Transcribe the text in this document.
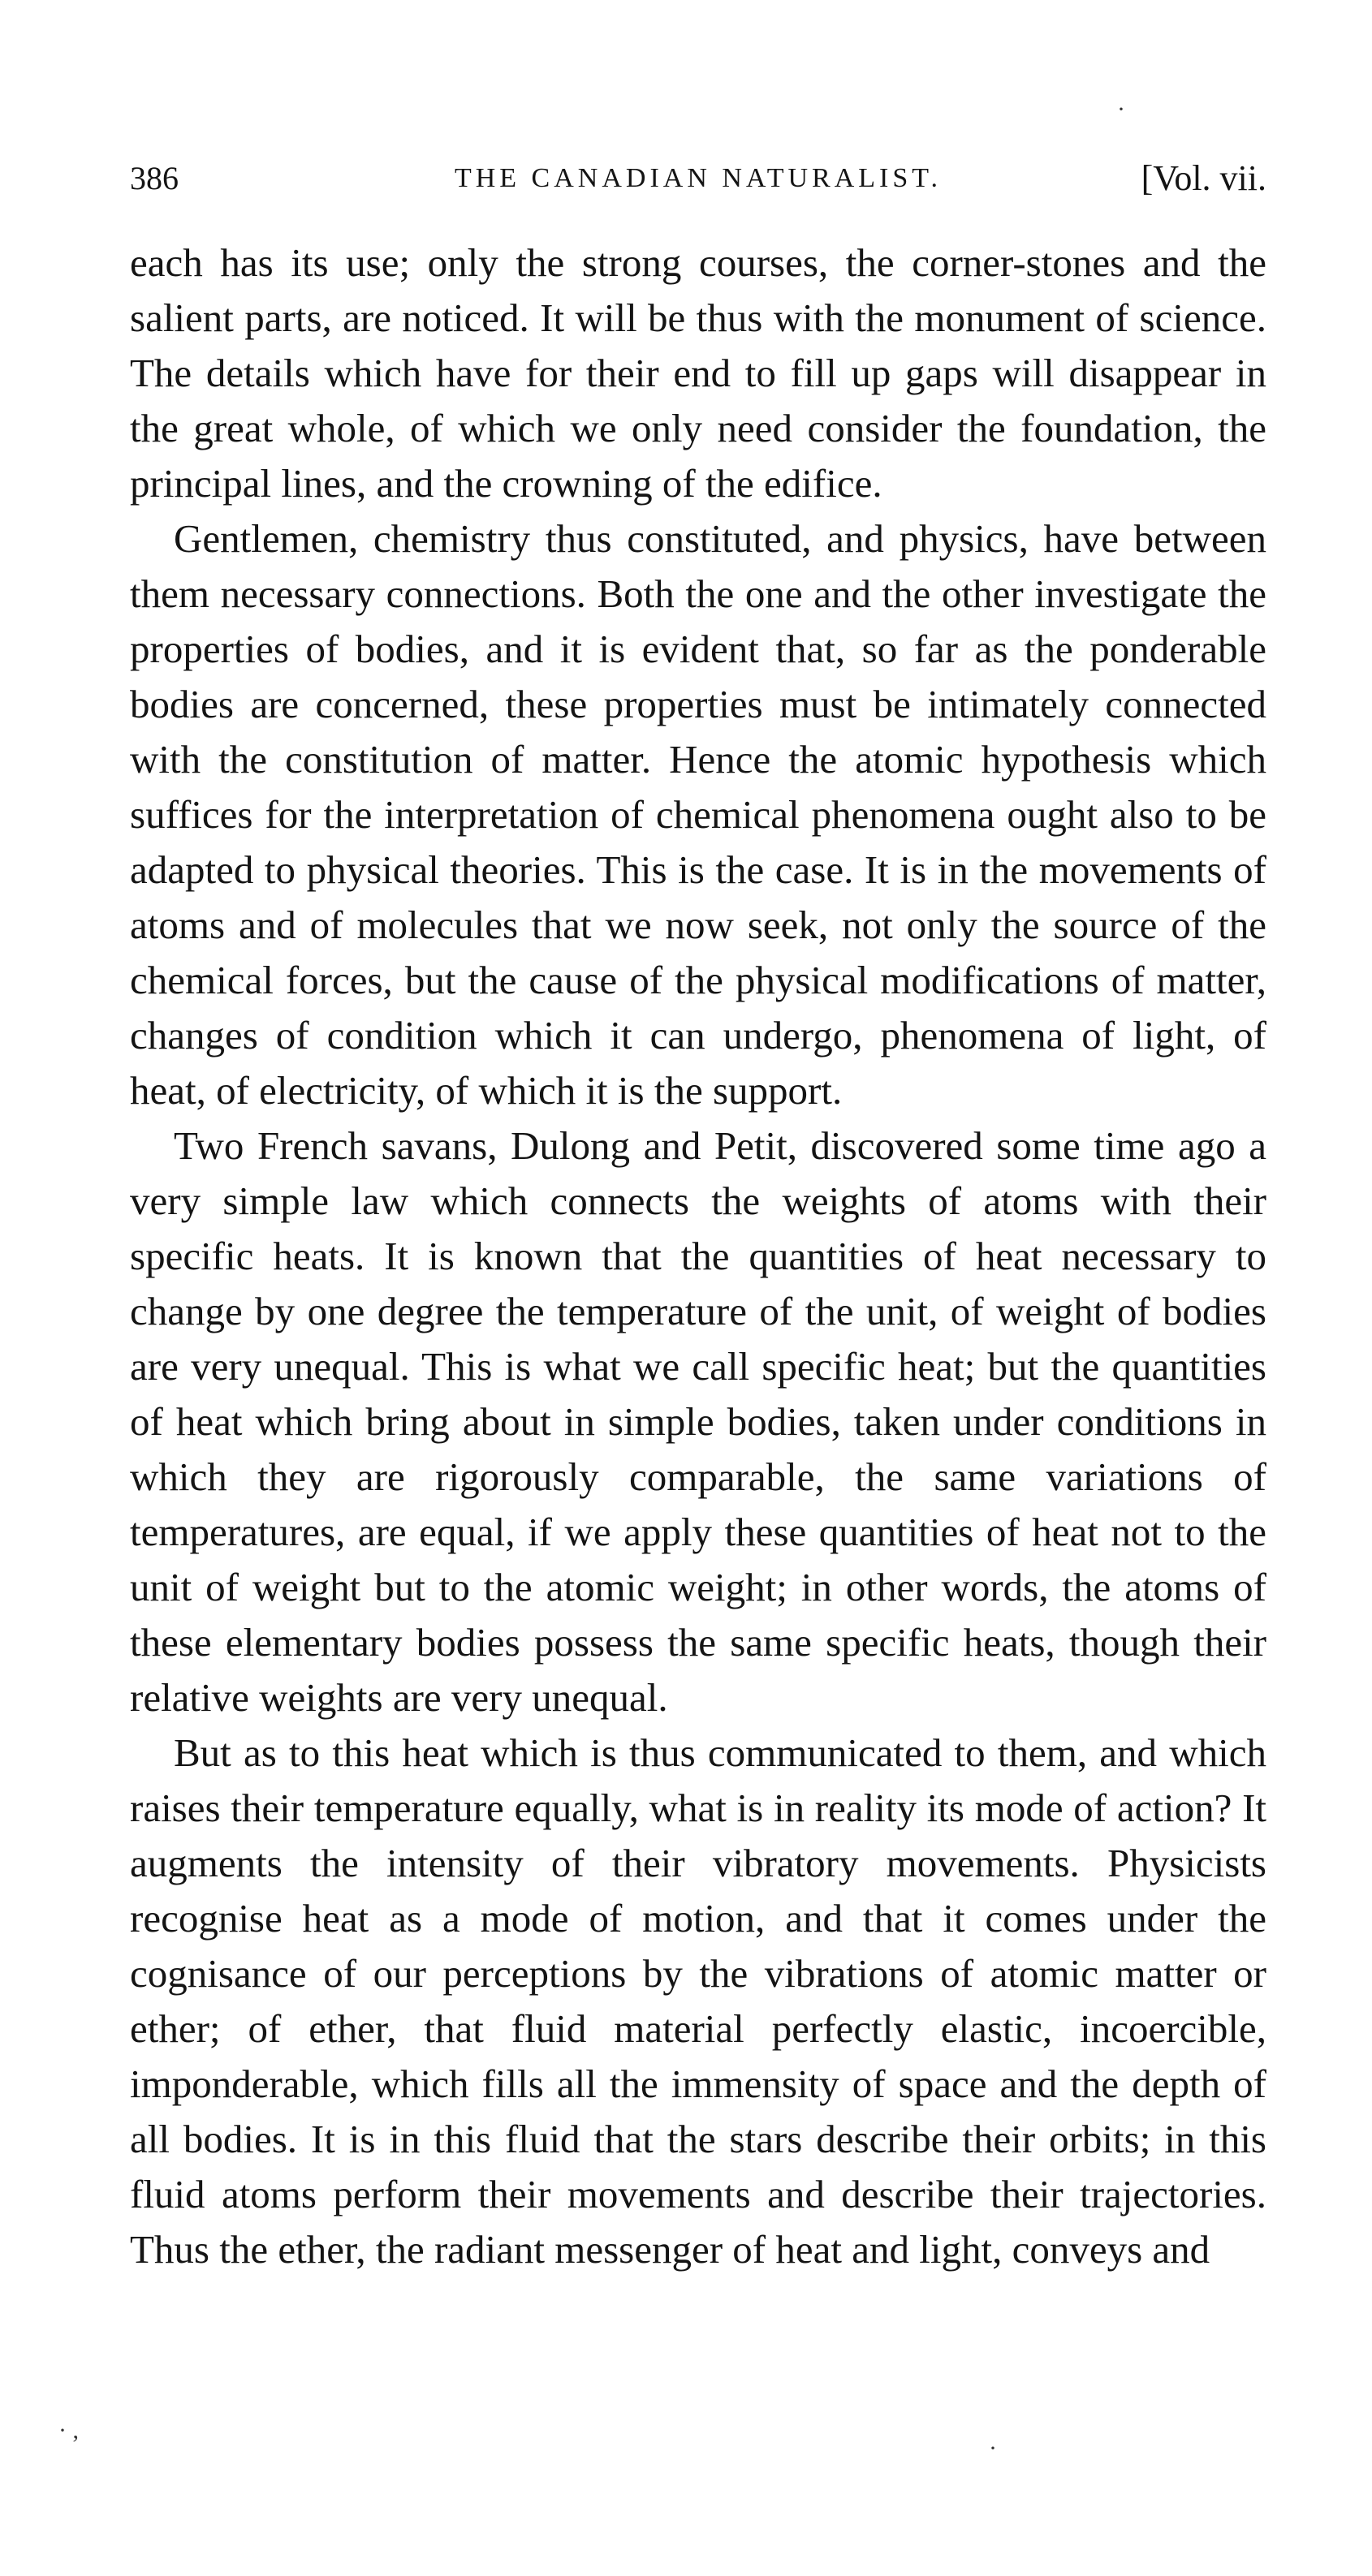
·
386	THE CANADIAN NATURALIST.	[Vol. vii.

each has its use; only the strong courses, the corner-stones and the salient parts, are noticed. It will be thus with the monument of science. The details which have for their end to fill up gaps will disappear in the great whole, of which we only need consider the foundation, the principal lines, and the crowning of the edifice.

Gentlemen, chemistry thus constituted, and physics, have between them necessary connections. Both the one and the other investigate the properties of bodies, and it is evident that, so far as the ponderable bodies are concerned, these properties must be intimately connected with the constitution of matter. Hence the atomic hypothesis which suffices for the interpretation of chemical phenomena ought also to be adapted to physical theories. This is the case. It is in the movements of atoms and of molecules that we now seek, not only the source of the chemical forces, but the cause of the physical modifications of matter, changes of condition which it can undergo, phenomena of light, of heat, of electricity, of which it is the support.

Two French savans, Dulong and Petit, discovered some time ago a very simple law which connects the weights of atoms with their specific heats. It is known that the quantities of heat necessary to change by one degree the temperature of the unit, of weight of bodies are very unequal. This is what we call specific heat; but the quantities of heat which bring about in simple bodies, taken under conditions in which they are rigorously comparable, the same variations of temperatures, are equal, if we apply these quantities of heat not to the unit of weight but to the atomic weight; in other words, the atoms of these elementary bodies possess the same specific heats, though their relative weights are very unequal.

But as to this heat which is thus communicated to them, and which raises their temperature equally, what is in reality its mode of action? It augments the intensity of their vibratory movements. Physicists recognise heat as a mode of motion, and that it comes under the cognisance of our perceptions by the vibrations of atomic matter or ether; of ether, that fluid material perfectly elastic, incoercible, imponderable, which fills all the immensity of space and the depth of all bodies. It is in this fluid that the stars describe their orbits; in this fluid atoms perform their movements and describe their trajectories. Thus the ether, the radiant messenger of heat and light, conveys and

· ,
·
